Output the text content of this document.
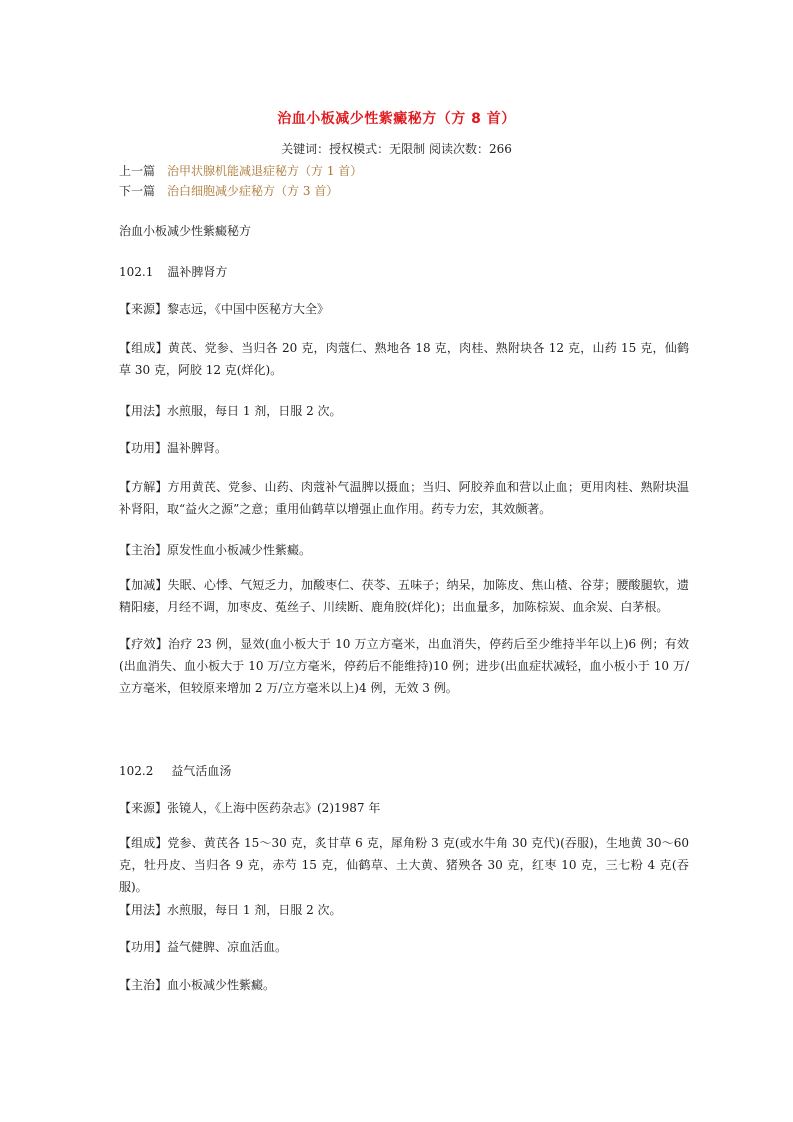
治血小板减少性紫癜秘方（方 8 首）
关键词：授权模式：无限制 阅读次数：266
上一篇 治甲状腺机能减退症秘方（方 1 首）
下一篇 治白细胞减少症秘方（方 3 首）
治血小板减少性紫癜秘方
102.1 温补脾肾方
【来源】黎志远，《中国中医秘方大全》
【组成】黄芪、党参、当归各 20 克，肉蔻仁、熟地各 18 克，肉桂、熟附块各 12 克，山药 15 克，仙鹤草 30 克，阿胶 12 克(烊化)。
【用法】水煎服，每日 1 剂，日服 2 次。
【功用】温补脾肾。
【方解】方用黄芪、党参、山药、肉蔻补气温脾以摄血；当归、阿胶养血和营以止血；更用肉桂、熟附块温补肾阳，取“益火之源”之意；重用仙鹤草以增强止血作用。药专力宏，其效颇著。
【主治】原发性血小板减少性紫癜。
【加减】失眠、心悸、气短乏力，加酸枣仁、茯苓、五味子；纳呆，加陈皮、焦山楂、谷芽；腰酸腿软，遗精阳痿，月经不调，加枣皮、菟丝子、川续断、鹿角胶(烊化)；出血量多，加陈棕炭、血余炭、白茅根。
【疗效】治疗 23 例，显效(血小板大于 10 万立方毫米，出血消失，停药后至少维持半年以上)6 例；有效(出血消失、血小板大于 10 万/立方毫米，停药后不能维持)10 例；进步(出血症状减轻，血小板小于 10 万/立方毫米，但较原来增加 2 万/立方毫米以上)4 例，无效 3 例。
102.2 益气活血汤
【来源】张镜人，《上海中医药杂志》(2)1987 年
【组成】党参、黄芪各 15～30 克，炙甘草 6 克，犀角粉 3 克(或水牛角 30 克代)(吞服)，生地黄 30～60 克，牡丹皮、当归各 9 克，赤芍 15 克，仙鹤草、土大黄、猪殃各 30 克，红枣 10 克，三七粉 4 克(吞服)。
【用法】水煎服，每日 1 剂，日服 2 次。
【功用】益气健脾、凉血活血。
【主治】血小板减少性紫癜。
